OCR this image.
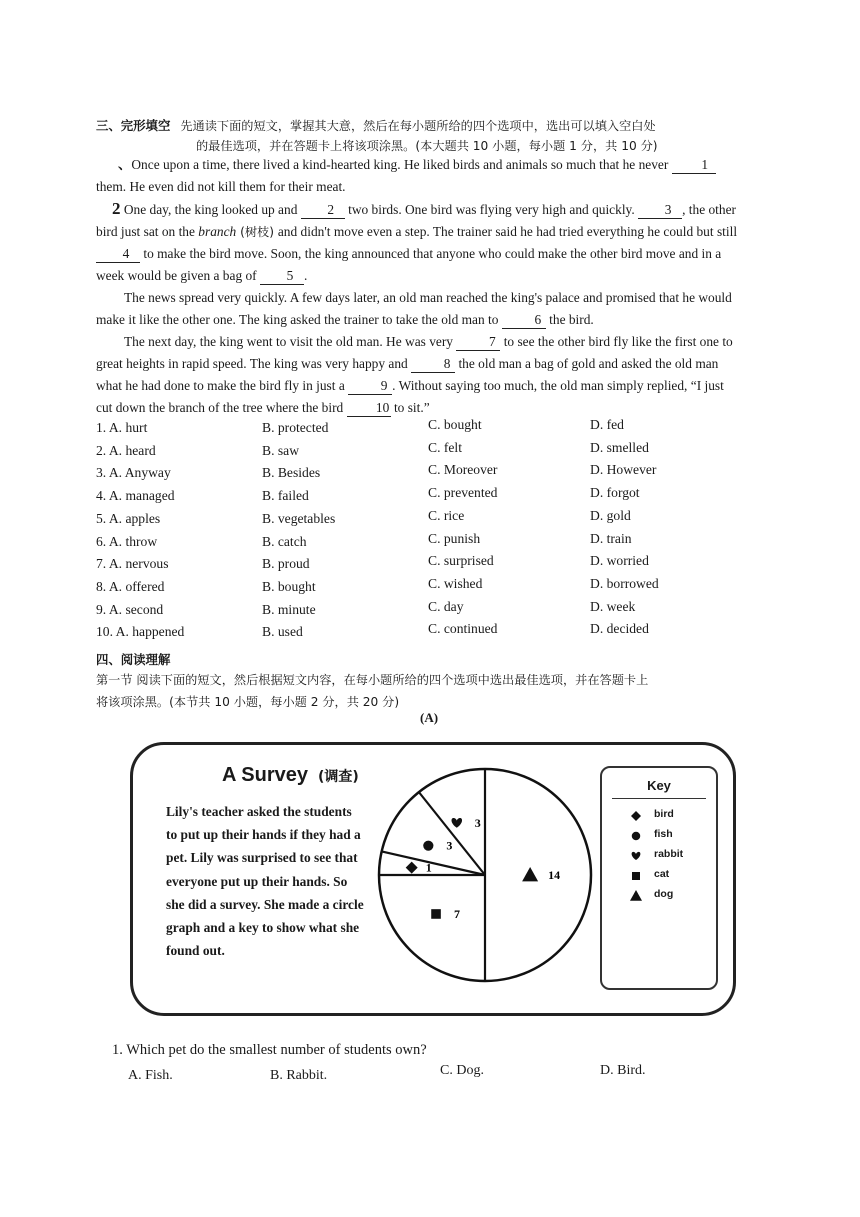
三、完形填空 先通读下面的短文，掌握其大意，然后在每小题所给的四个选项中，选出可以填入空白处
的最佳选项，并在答题卡上将该项涂黑。(本大题共 10 小题，每小题 1 分，共 10 分)

、Once upon a time, there lived a kind-hearted king. He liked birds and animals so much that he never 1 them. He even did not kill them for their meat.

2 One day, the king looked up and 2 two birds. One bird was flying very high and quickly. 3 , the other bird just sat on the branch (树枝) and didn't move even a step. The trainer said he had tried everything he could but still 4 to make the bird move. Soon, the king announced that anyone who could make the other bird move and in a week would be given a bag of 5 .

The news spread very quickly. A few days later, an old man reached the king's palace and promised that he would make it like the other one. The king asked the trainer to take the old man to 6 the bird.

The next day, the king went to visit the old man. He was very 7 to see the other bird fly like the first one to great heights in rapid speed. The king was very happy and 8 the old man a bag of gold and asked the old man what he had done to make the bird fly in just a 9 . Without saying too much, the old man simply replied, “I just cut down the branch of the tree where the bird 10 to sit.”

1. A. hurt	B. protected	C. bought	D. fed
2. A. heard	B. saw	C. felt	D. smelled
3. A. Anyway	B. Besides	C. Moreover	D. However
4. A. managed	B. failed	C. prevented	D. forgot
5. A. apples	B. vegetables	C. rice	D. gold
6. A. throw	B. catch	C. punish	D. train
7. A. nervous	B. proud	C. surprised	D. worried
8. A. offered	B. bought	C. wished	D. borrowed
9. A. second	B. minute	C. day	D. week
10. A. happened	B. used	C. continued	D. decided
四、阅读理解
第一节 阅读下面的短文，然后根据短文内容，在每小题所给的四个选项中选出最佳选项，并在答题卡上
将该项涂黑。(本节共 10 小题，每小题 2 分，共 20 分)
(A)
A Survey (调查)
Lily's teacher asked the students to put up their hands if they had a pet. Lily was surprised to see that everyone put up their hands. So she did a survey. She made a circle graph and a key to show what she found out.
14
7
1
3
3
Key
bird
fish
rabbit
cat
dog
1. Which pet do the smallest number of students own?
A. Fish.	B. Rabbit.	C. Dog.	D. Bird.
